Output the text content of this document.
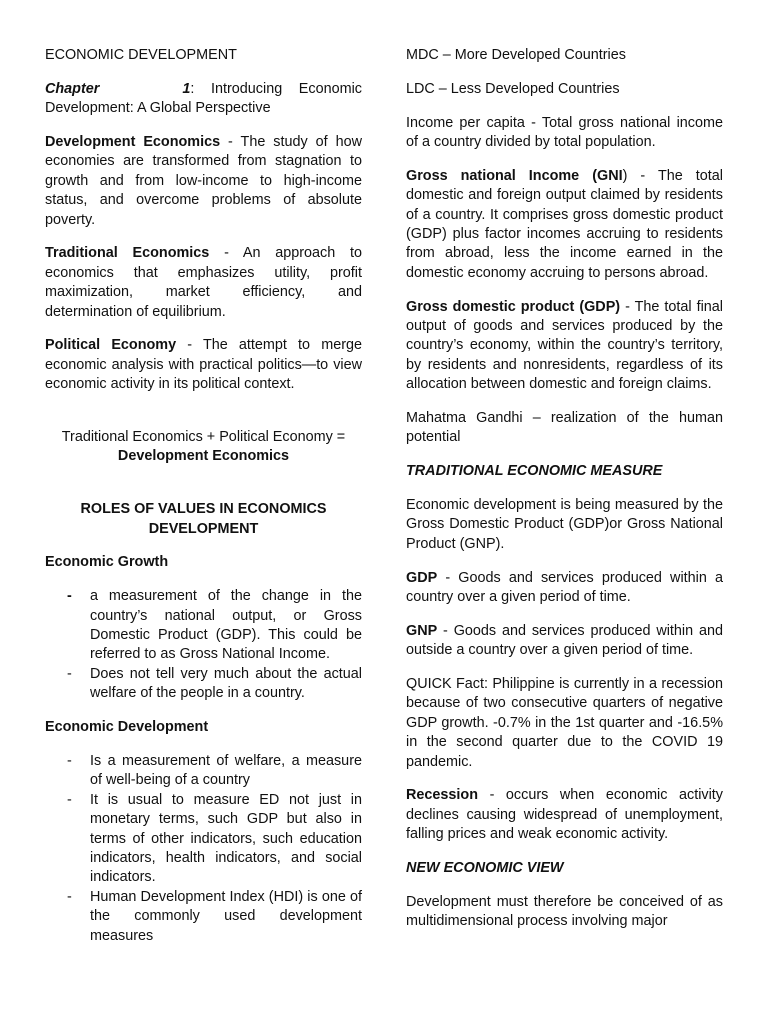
ECONOMIC DEVELOPMENT

Chapter	1: Introducing Economic Development: A Global Perspective

Development Economics - The study of how economies are transformed from stagnation to growth and from low-income to high-income status, and overcome problems of absolute poverty.

Traditional Economics - An approach to economics that emphasizes utility, profit maximization, market efficiency, and determination of equilibrium.

Political Economy - The attempt to merge economic analysis with practical politics—to view economic activity in its political context.

Traditional Economics + Political Economy =
Development Economics

ROLES OF VALUES IN ECONOMICS DEVELOPMENT

Economic Growth

- a measurement of the change in the country’s national output, or Gross Domestic Product (GDP). This could be referred to as Gross National Income.
- Does not tell very much about the actual welfare of the people in a country.

Economic Development

- Is a measurement of welfare, a measure of well-being of a country
- It is usual to measure ED not just in monetary terms, such GDP but also in terms of other indicators, such education indicators, health indicators, and social indicators.
- Human Development Index (HDI) is one of the commonly used development measures

MDC – More Developed Countries

LDC – Less Developed Countries

Income per capita - Total gross national income of a country divided by total population.

Gross national Income (GNI) - The total domestic and foreign output claimed by residents of a country. It comprises gross domestic product (GDP) plus factor incomes accruing to residents from abroad, less the income earned in the domestic economy accruing to persons abroad.

Gross domestic product (GDP) - The total final output of goods and services produced by the country’s economy, within the country’s territory, by residents and nonresidents, regardless of its allocation between domestic and foreign claims.

Mahatma Gandhi – realization of the human potential

TRADITIONAL ECONOMIC MEASURE

Economic development is being measured by the Gross Domestic Product (GDP)or Gross National Product (GNP).

GDP - Goods and services produced within a country over a given period of time.

GNP - Goods and services produced within and outside a country over a given period of time.

QUICK Fact: Philippine is currently in a recession because of two consecutive quarters of negative GDP growth. -0.7% in the 1st quarter and -16.5% in the second quarter due to the COVID 19 pandemic.

Recession - occurs when economic activity declines causing widespread of unemployment, falling prices and weak economic activity.

NEW ECONOMIC VIEW

Development must therefore be conceived of as multidimensional process involving major
